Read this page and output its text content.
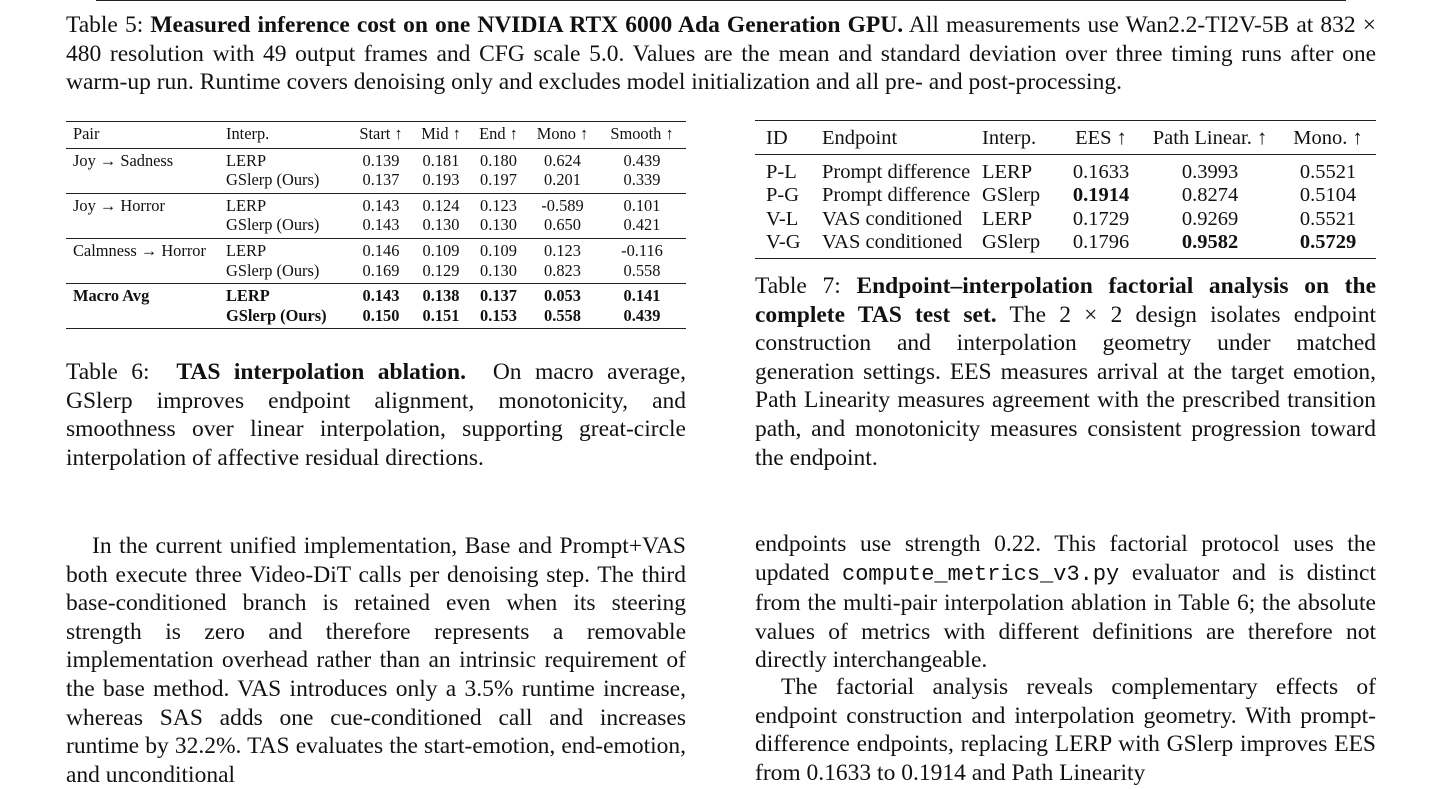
Table 5: Measured inference cost on one NVIDIA RTX 6000 Ada Generation GPU. All measurements use Wan2.2-TI2V-5B at 832 × 480 resolution with 49 output frames and CFG scale 5.0. Values are the mean and standard deviation over three timing runs after one warm-up run. Runtime covers denoising only and excludes model initialization and all pre- and post-processing.
Pair	Interp.	Start ↑	Mid ↑	End ↑	Mono ↑	Smooth ↑
Joy → Sadness	LERP	0.139	0.181	0.180	0.624	0.439
	GSlerp (Ours)	0.137	0.193	0.197	0.201	0.339
Joy → Horror	LERP	0.143	0.124	0.123	-0.589	0.101
	GSlerp (Ours)	0.143	0.130	0.130	0.650	0.421
Calmness → Horror	LERP	0.146	0.109	0.109	0.123	-0.116
	GSlerp (Ours)	0.169	0.129	0.130	0.823	0.558
Macro Avg	LERP	0.143	0.138	0.137	0.053	0.141
	GSlerp (Ours)	0.150	0.151	0.153	0.558	0.439
Table 6: TAS interpolation ablation. On macro average, GSlerp improves endpoint alignment, monotonicity, and smoothness over linear interpolation, supporting great-circle interpolation of affective residual directions.
ID	Endpoint	Interp.	EES ↑	Path Linear. ↑	Mono. ↑
P-L	Prompt difference	LERP	0.1633	0.3993	0.5521
P-G	Prompt difference	GSlerp	0.1914	0.8274	0.5104
V-L	VAS conditioned	LERP	0.1729	0.9269	0.5521
V-G	VAS conditioned	GSlerp	0.1796	0.9582	0.5729
Table 7: Endpoint–interpolation factorial analysis on the complete TAS test set. The 2 × 2 design isolates endpoint construction and interpolation geometry under matched generation settings. EES measures arrival at the target emotion, Path Linearity measures agreement with the prescribed transition path, and monotonicity measures consistent progression toward the endpoint.
In the current unified implementation, Base and Prompt+VAS both execute three Video-DiT calls per denoising step. The third base-conditioned branch is retained even when its steering strength is zero and therefore represents a removable implementation overhead rather than an intrinsic requirement of the base method. VAS introduces only a 3.5% runtime increase, whereas SAS adds one cue-conditioned call and increases runtime by 32.2%. TAS evaluates the start-emotion, end-emotion, and unconditional
endpoints use strength 0.22. This factorial protocol uses the updated compute_metrics_v3.py evaluator and is distinct from the multi-pair interpolation ablation in Table 6; the absolute values of metrics with different definitions are therefore not directly interchangeable.
The factorial analysis reveals complementary effects of endpoint construction and interpolation geometry. With prompt-difference endpoints, replacing LERP with GSlerp improves EES from 0.1633 to 0.1914 and Path Linearity
